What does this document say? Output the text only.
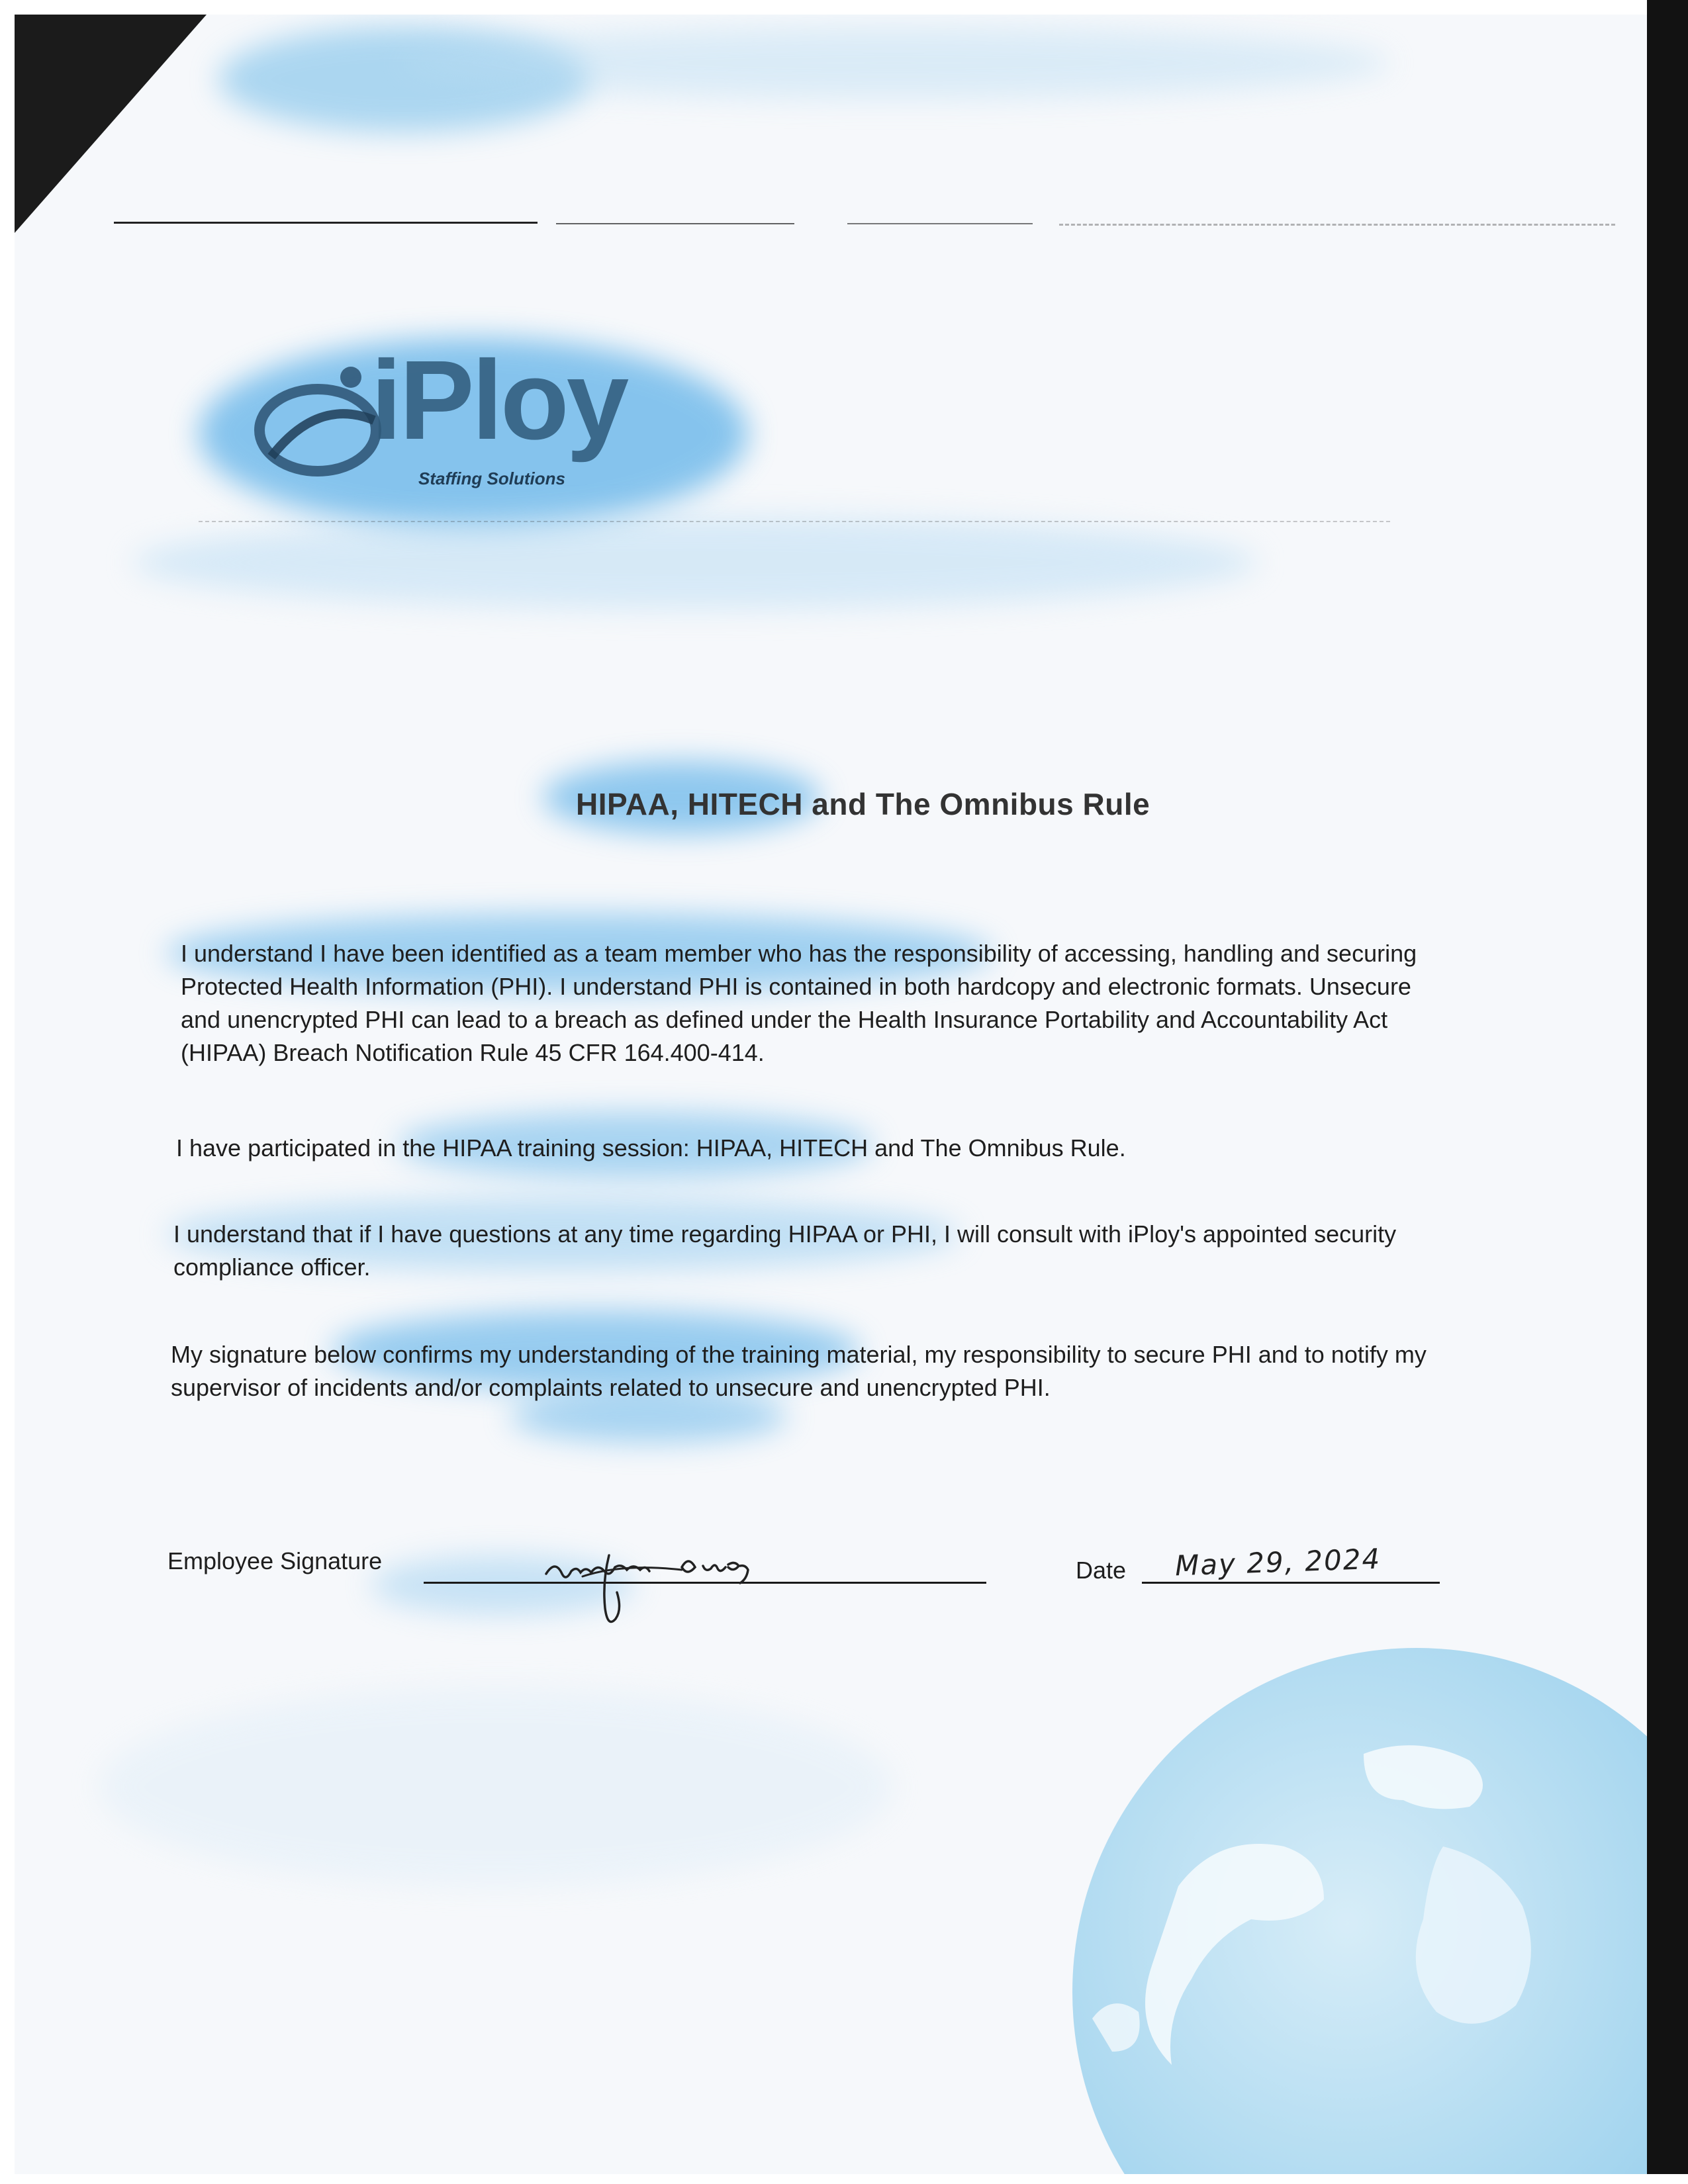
iPloy
Staffing Solutions
HIPAA, HITECH and The Omnibus Rule
I understand I have been identified as a team member who has the responsibility of accessing, handling and securing
Protected Health Information (PHI). I understand PHI is contained in both hardcopy and electronic formats. Unsecure
and unencrypted PHI can lead to a breach as defined under the Health Insurance Portability and Accountability Act
(HIPAA) Breach Notification Rule 45 CFR 164.400-414.
I have participated in the HIPAA training session: HIPAA, HITECH and The Omnibus Rule.
I understand that if I have questions at any time regarding HIPAA or PHI, I will consult with iPloy's appointed security
compliance officer.
My signature below confirms my understanding of the training material, my responsibility to secure PHI and to notify my
supervisor of incidents and/or complaints related to unsecure and unencrypted PHI.
Employee Signature	Date May 29, 2024
